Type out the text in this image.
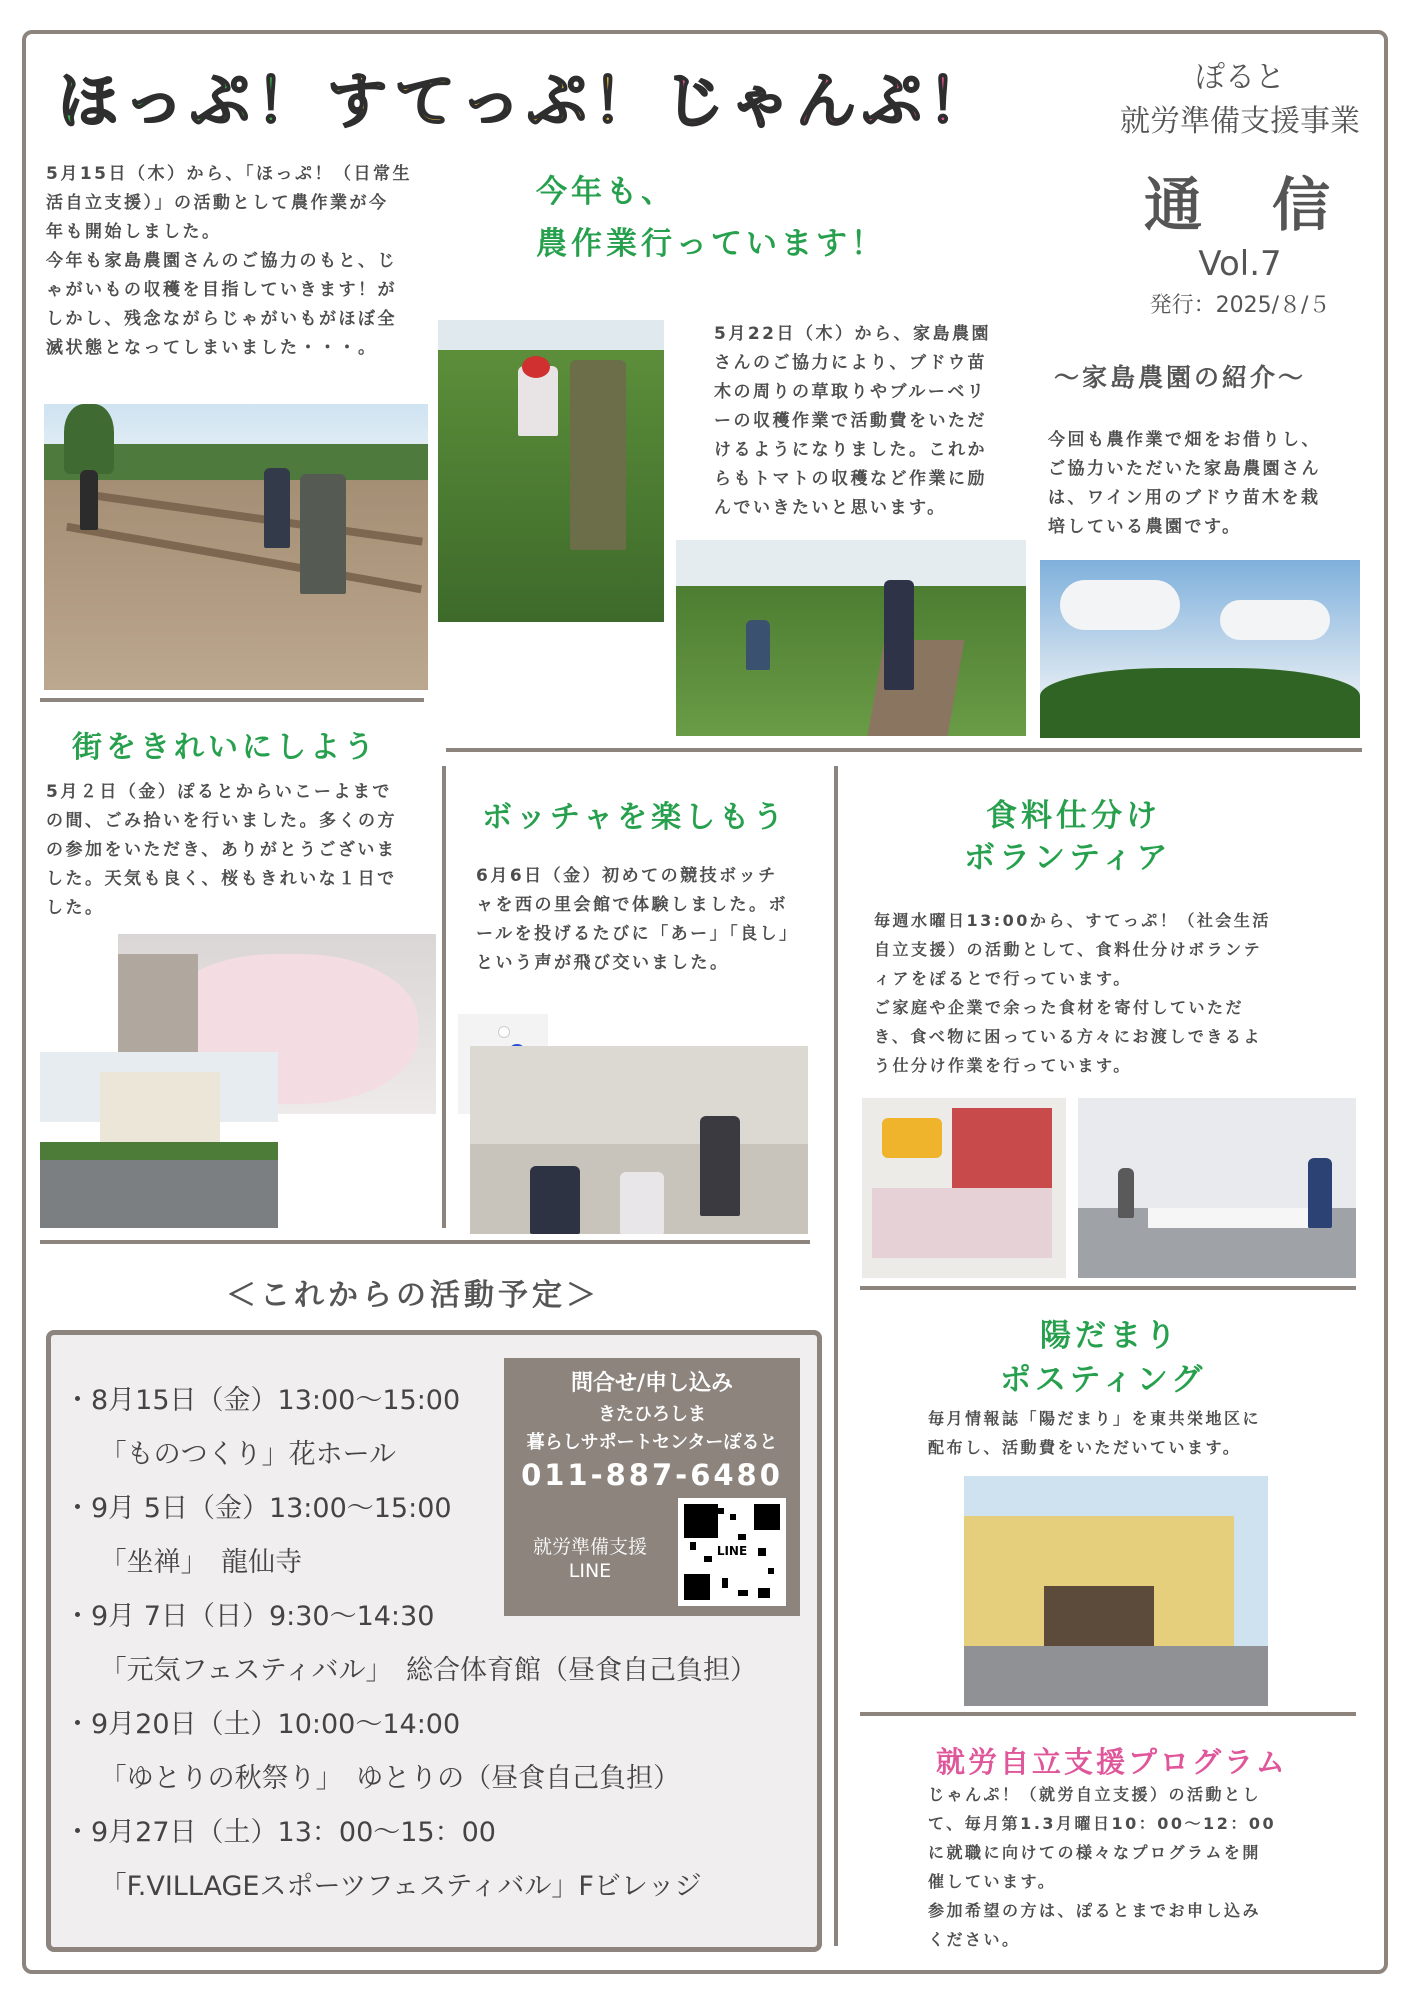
ほっぷ！ すてっぷ！ じゃんぷ！	ぽると
就労準備支援事業
通　信
Vol.7
発行：2025/８/５
5月15日（木）から、「ほっぷ！（日常生
活自立支援）」の活動として農作業が今
年も開始しました。
今年も家島農園さんのご協力のもと、じ
ゃがいもの収穫を目指していきます！が
しかし、残念ながらじゃがいもがほぼ全
滅状態となってしまいました・・・。
今年も、
農作業行っています！
5月22日（木）から、家島農園
さんのご協力により、ブドウ苗
木の周りの草取りやブルーベリ
ーの収穫作業で活動費をいただ
けるようになりました。これか
らもトマトの収穫など作業に励
んでいきたいと思います。
～家島農園の紹介～
今回も農作業で畑をお借りし、
ご協力いただいた家島農園さん
は、ワイン用のブドウ苗木を栽
培している農園です。
街をきれいにしよう
5月２日（金）ぽるとからいこーよまで
の間、ごみ拾いを行いました。多くの方
の参加をいただき、ありがとうございま
した。天気も良く、桜もきれいな１日で
した。
ボッチャを楽しもう
6月6日（金）初めての競技ボッチ
ャを西の里会館で体験しました。ボ
ールを投げるたびに「あー」「良し」
という声が飛び交いました。
食料仕分け
ボランティア
毎週水曜日13:00から、すてっぷ！（社会生活
自立支援）の活動として、食料仕分けボランテ
ィアをぽるとで行っています。
ご家庭や企業で余った食材を寄付していただ
き、食べ物に困っている方々にお渡しできるよ
う仕分け作業を行っています。
陽だまり
ポスティング
毎月情報誌「陽だまり」を東共栄地区に
配布し、活動費をいただいています。
就労自立支援プログラム
じゃんぷ！（就労自立支援）の活動とし
て、毎月第1.3月曜日10：00～12：00
に就職に向けての様々なプログラムを開
催しています。
参加希望の方は、ぽるとまでお申し込み
ください。
＜これからの活動予定＞
・8月15日（金）13:00～15:00
　 「ものつくり」花ホール
・9月 5日（金）13:00～15:00
　 「坐禅」　龍仙寺
・9月 7日（日）9:30～14:30
　 「元気フェスティバル」　総合体育館（昼食自己負担）
・9月20日（土）10:00～14:00
　 「ゆとりの秋祭り」　ゆとりの（昼食自己負担）
・9月27日（土）13：00～15：00
　 「F.VILLAGEスポーツフェスティバル」Fビレッジ
問合せ/申し込み
きたひろしま
暮らしサポートセンターぽると
011-887-6480
就労準備支援
LINE
LINE
